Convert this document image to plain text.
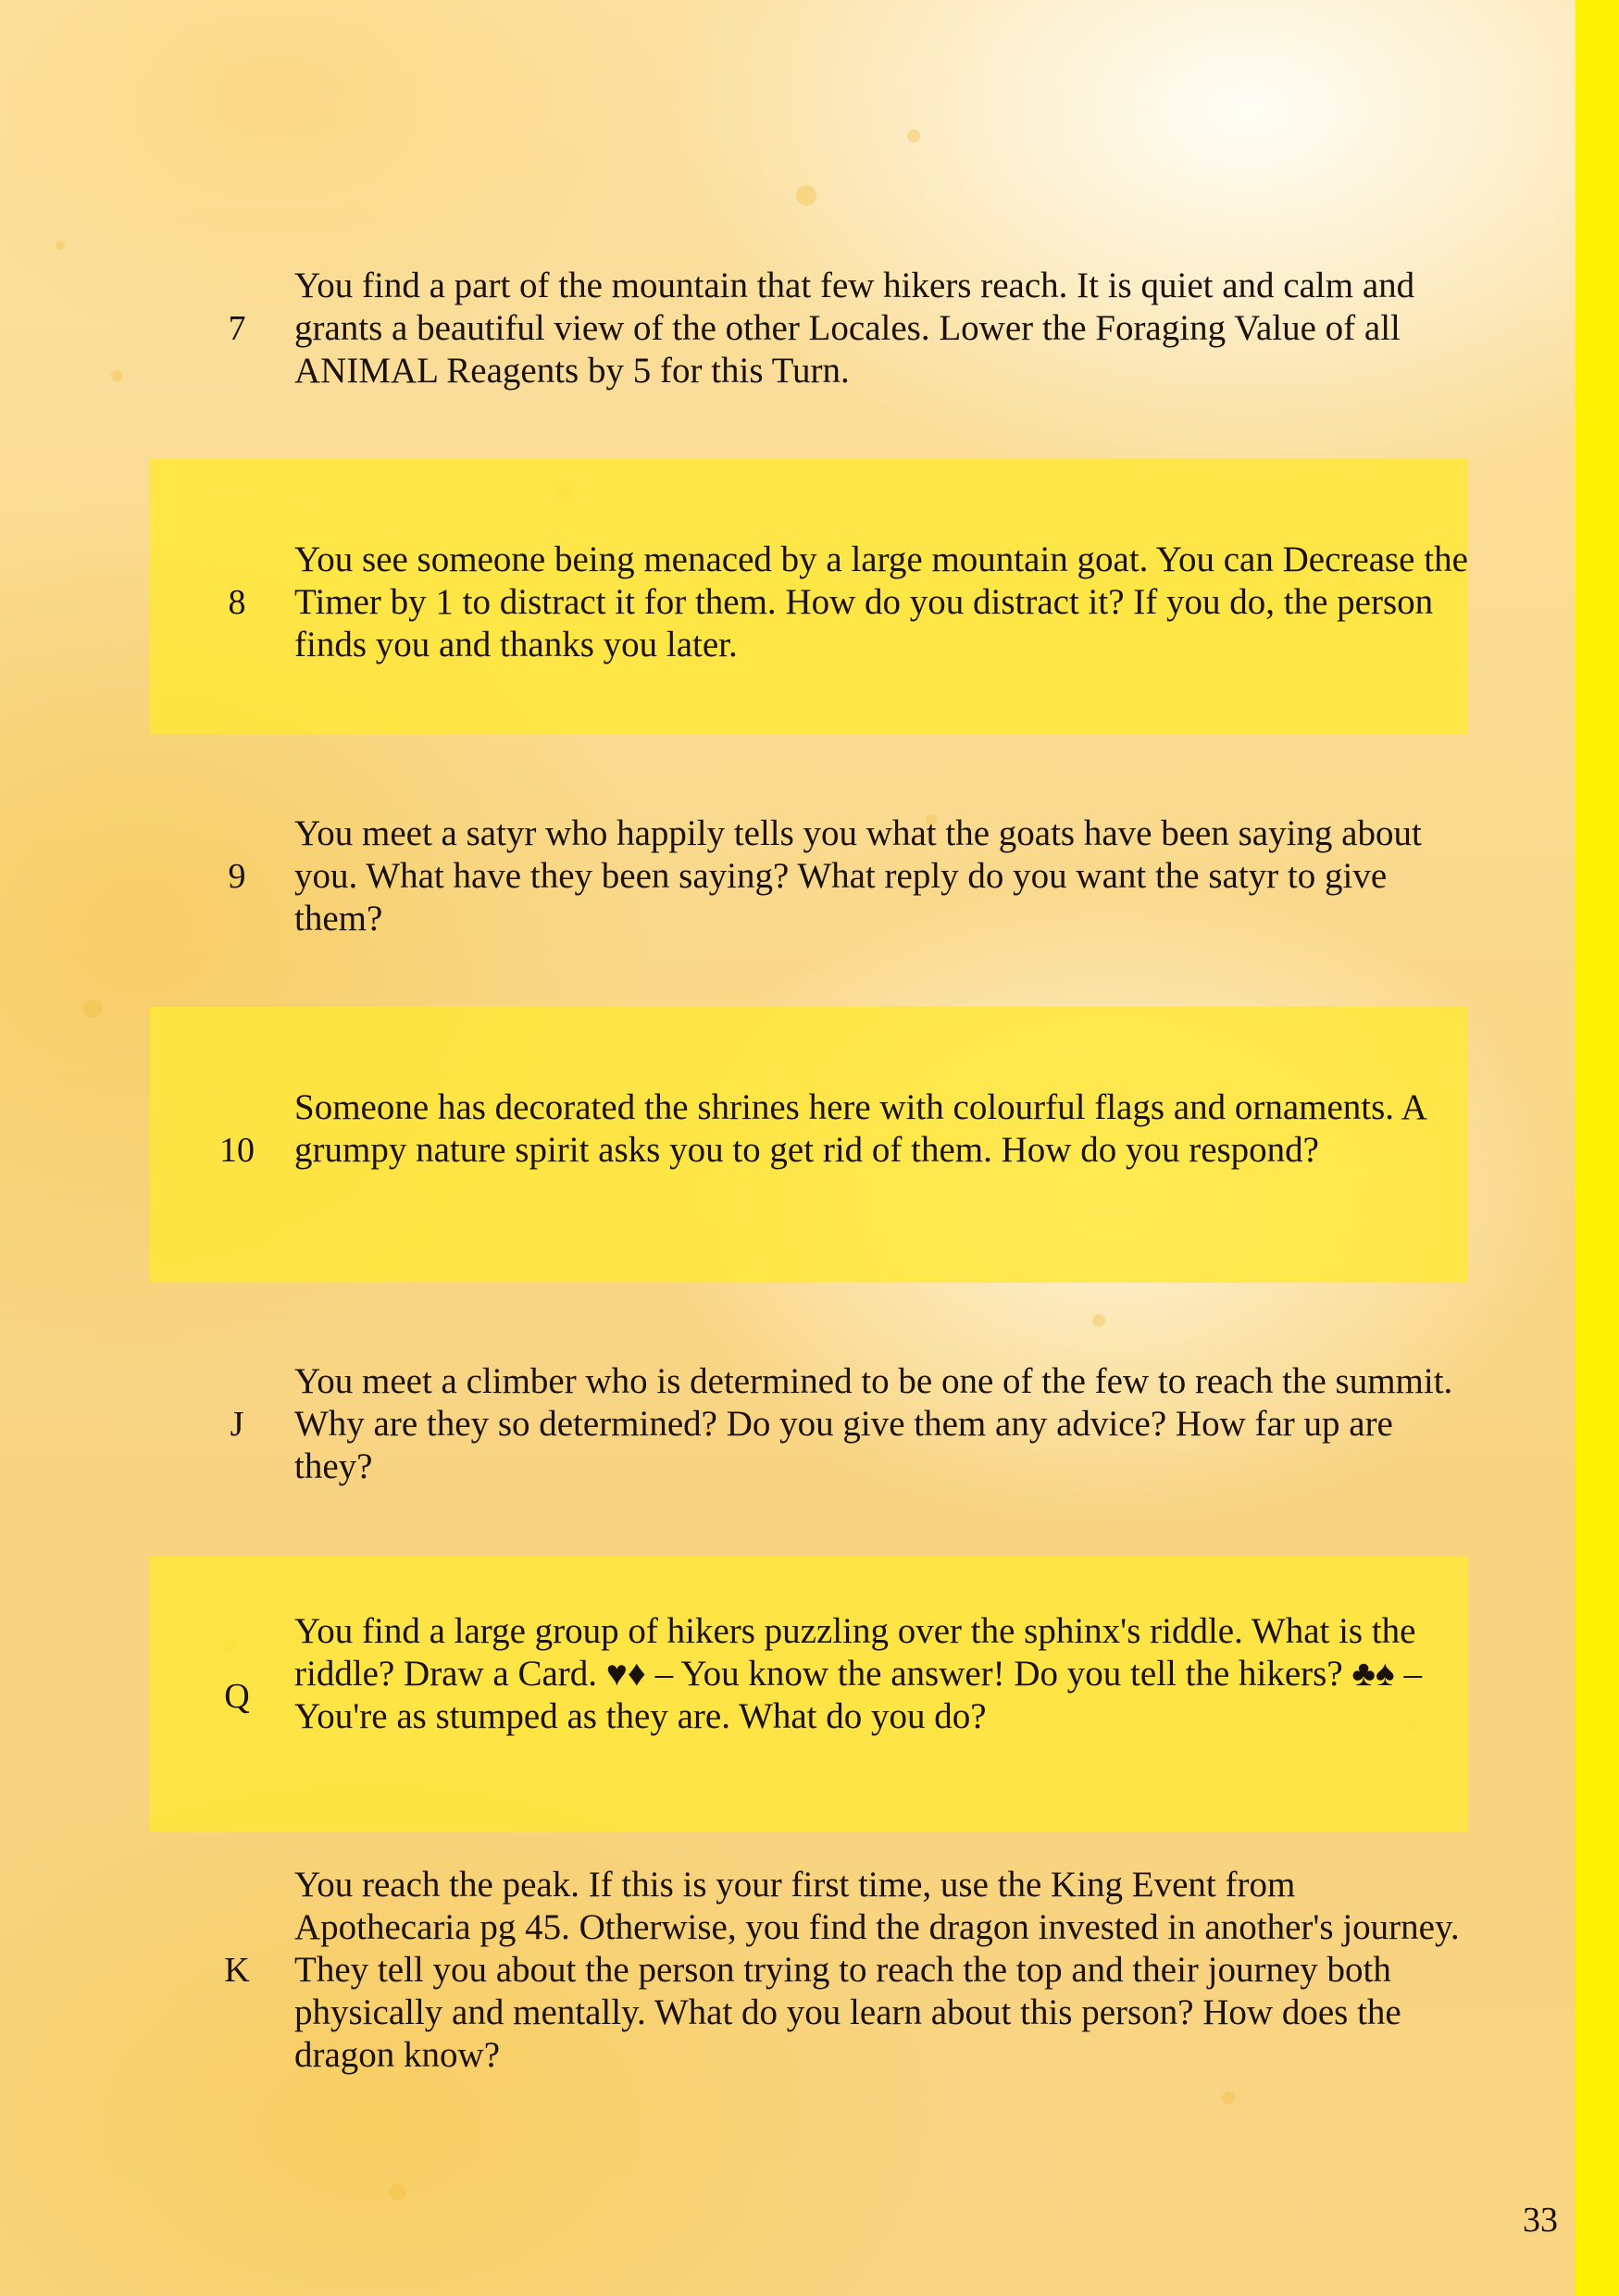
7

You find a part of the mountain that few hikers reach. It is quiet and calm and grants a beautiful view of the other Locales. Lower the Foraging Value of all ANIMAL Reagents by 5 for this Turn.

8

You see someone being menaced by a large mountain goat. You can Decrease the Timer by 1 to distract it for them. How do you distract it? If you do, the person finds you and thanks you later.

9

You meet a satyr who happily tells you what the goats have been saying about you. What have they been saying? What reply do you want the satyr to give them?

10

Someone has decorated the shrines here with colourful flags and ornaments. A grumpy nature spirit asks you to get rid of them. How do you respond?

J

You meet a climber who is determined to be one of the few to reach the summit. Why are they so determined? Do you give them any advice? How far up are they?

Q

You find a large group of hikers puzzling over the sphinx's riddle. What is the riddle? Draw a Card. ♥♦ – You know the answer! Do you tell the hikers? ♣♠ – You're as stumped as they are. What do you do?

K

You reach the peak. If this is your first time, use the King Event from Apothecaria pg 45. Otherwise, you find the dragon invested in another's journey. They tell you about the person trying to reach the top and their journey both physically and mentally. What do you learn about this person? How does the dragon know?

33
